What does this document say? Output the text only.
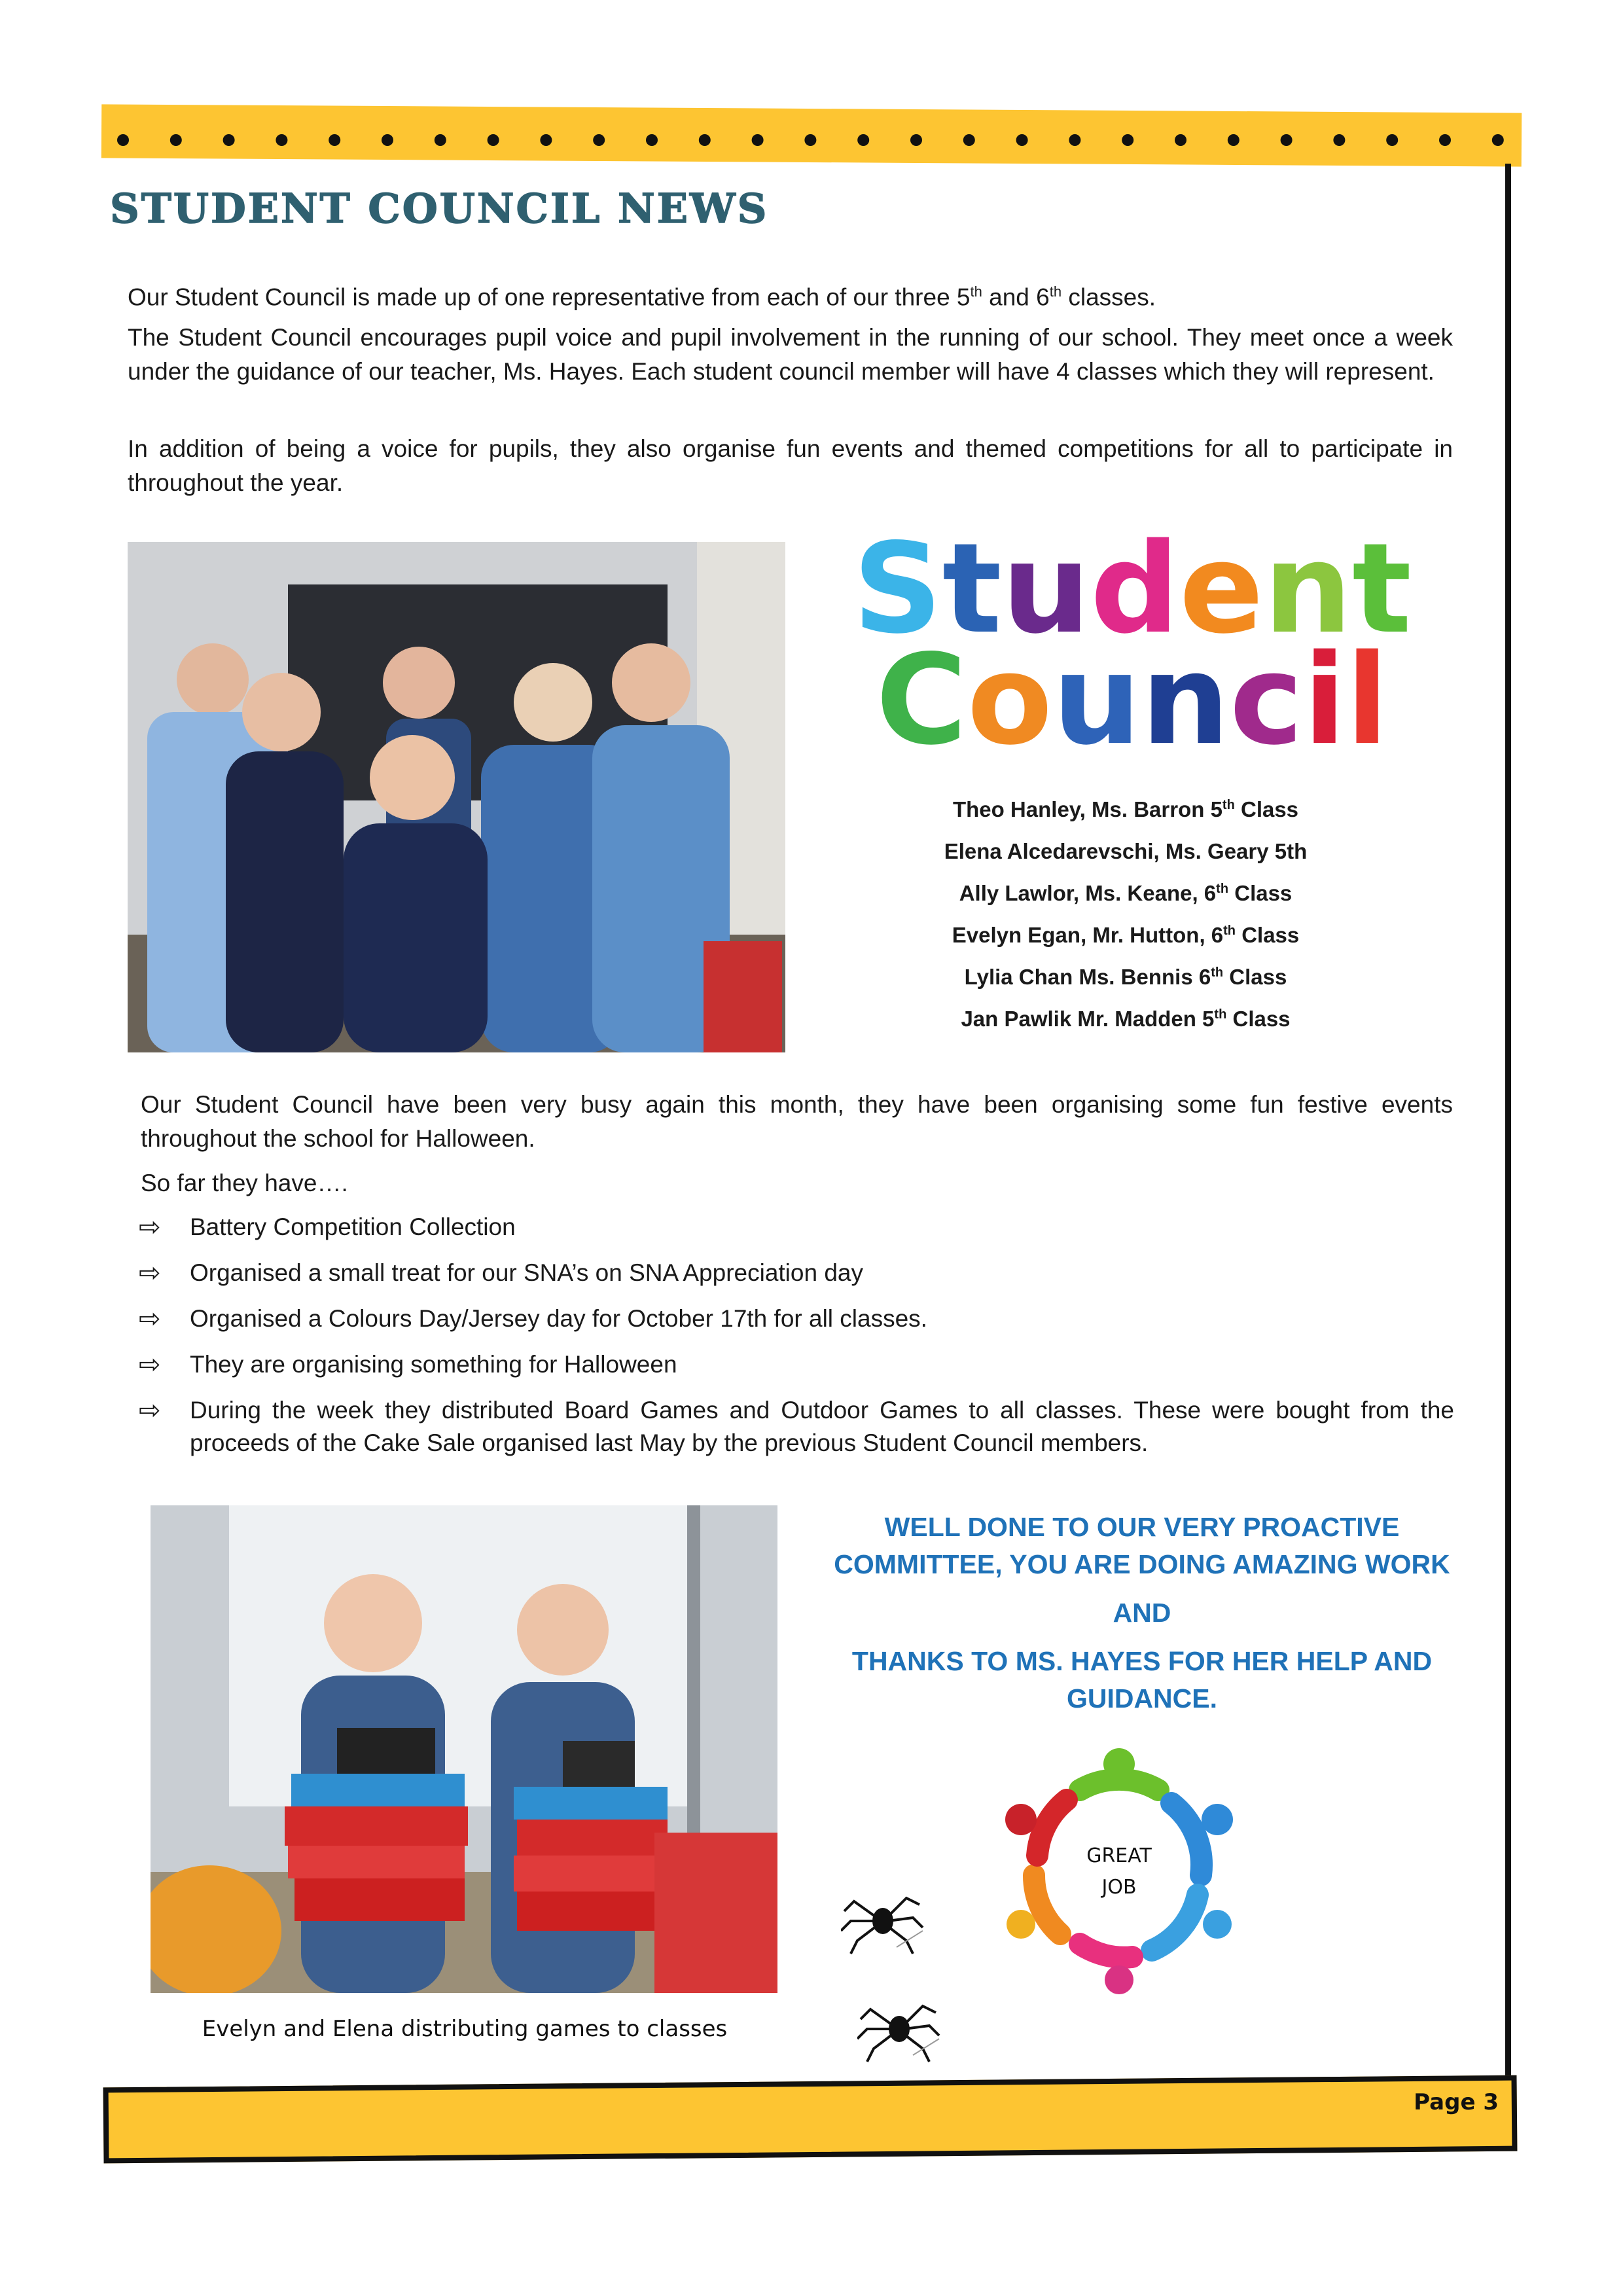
STUDENT COUNCIL NEWS

Our Student Council is made up of one representative from each of our three 5th and 6th classes.

The Student Council encourages pupil voice and pupil involvement in the running of our school. They meet once a week under the guidance of our teacher, Ms. Hayes. Each student council member will have 4 classes which they will represent.

In addition of being a voice for pupils, they also organise fun events and themed competitions for all to participate in throughout the year.

Student
Council
Theo Hanley, Ms. Barron 5th Class
Elena Alcedarevschi, Ms. Geary 5th
Ally Lawlor, Ms. Keane, 6th Class
Evelyn Egan, Mr. Hutton, 6th Class
Lylia Chan Ms. Bennis 6th Class
Jan Pawlik Mr. Madden 5th Class

Our Student Council have been very busy again this month, they have been organising some fun festive events throughout the school for Halloween.

So far they have….

⇨ Battery Competition Collection
⇨ Organised a small treat for our SNA’s on SNA Appreciation day
⇨ Organised a Colours Day/Jersey day for October 17th for all classes.
⇨ They are organising something for Halloween
⇨ During the week they distributed Board Games and Outdoor Games to all classes. These were bought from the proceeds of the Cake Sale organised last May by the previous Student Council members.

Evelyn and Elena distributing games to classes

WELL DONE TO OUR VERY PROACTIVE COMMITTEE, YOU ARE DOING AMAZING WORK

AND

THANKS TO MS. HAYES FOR HER HELP AND GUIDANCE.

GREAT
JOB
Page 3
